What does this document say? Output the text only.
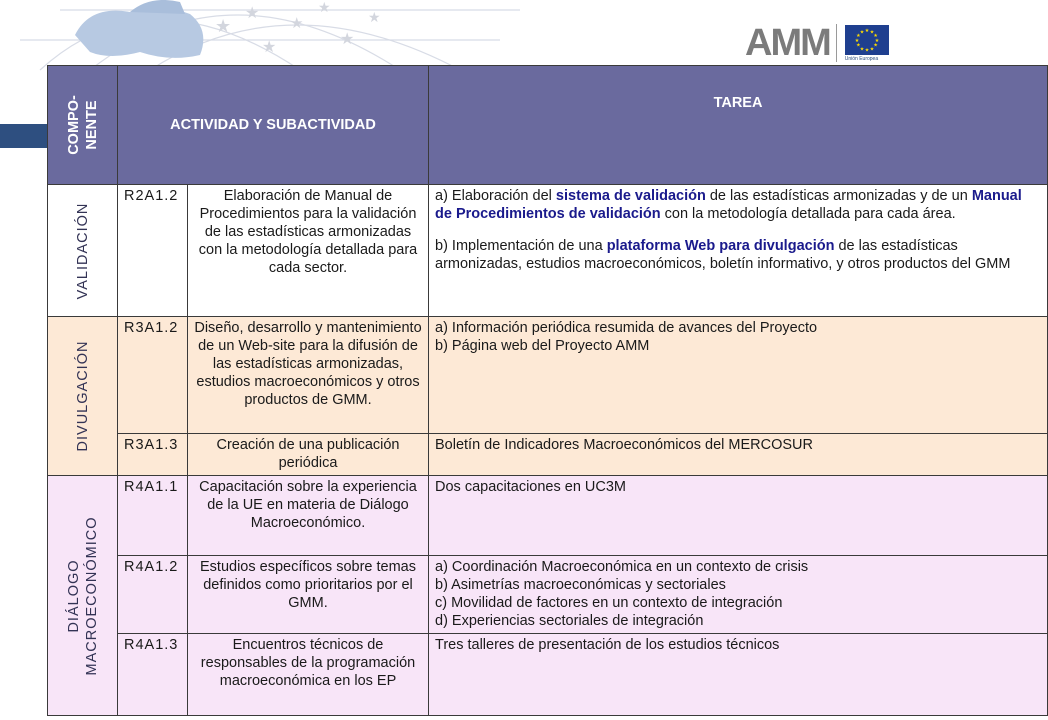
★
★
★
★
★
★
★
AMM	★ ★
★
★
★
★
★
★
★
★
★
★
Unión Europea
COMPO- NENTE	ACTIVIDAD Y SUBACTIVIDAD		TAREA

VALIDACIÓN	R2A1.2	Elaboración de Manual de Procedimientos para la validación de las estadísticas armonizadas con la metodología detallada para cada sector.	a) Elaboración del sistema de validación de las estadísticas armonizadas y de un Manual de Procedimientos de validación con la metodología detallada para cada área.
b) Implementación de una plataforma Web para divulgación de las estadísticas armonizadas, estudios macroeconómicos, boletín informativo, y otros productos del GMM

DIVULGACIÓN	R3A1.2	Diseño, desarrollo y mantenimiento de un Web-site para la difusión de las estadísticas armonizadas, estudios macroeconómicos y otros productos de GMM.	a) Información periódica resumida de avances del Proyecto
b) Página web del Proyecto AMM

	R3A1.3	Creación de una publicación periódica	Boletín de Indicadores Macroeconómicos del MERCOSUR

DIÁLOGO MACROECONÓMICO	R4A1.1	Capacitación sobre la experiencia de la UE en materia de Diálogo Macroeconómico.	Dos capacitaciones en UC3M
	R4A1.2	Estudios específicos sobre temas definidos como prioritarios por el GMM.	a) Coordinación Macroeconómica en un contexto de crisis
b) Asimetrías macroeconómicas y sectoriales
c) Movilidad de factores en un contexto de integración
d) Experiencias sectoriales de integración

	R4A1.3	Encuentros técnicos de responsables de la programación macroeconómica en los EP	Tres talleres de presentación de los estudios técnicos
